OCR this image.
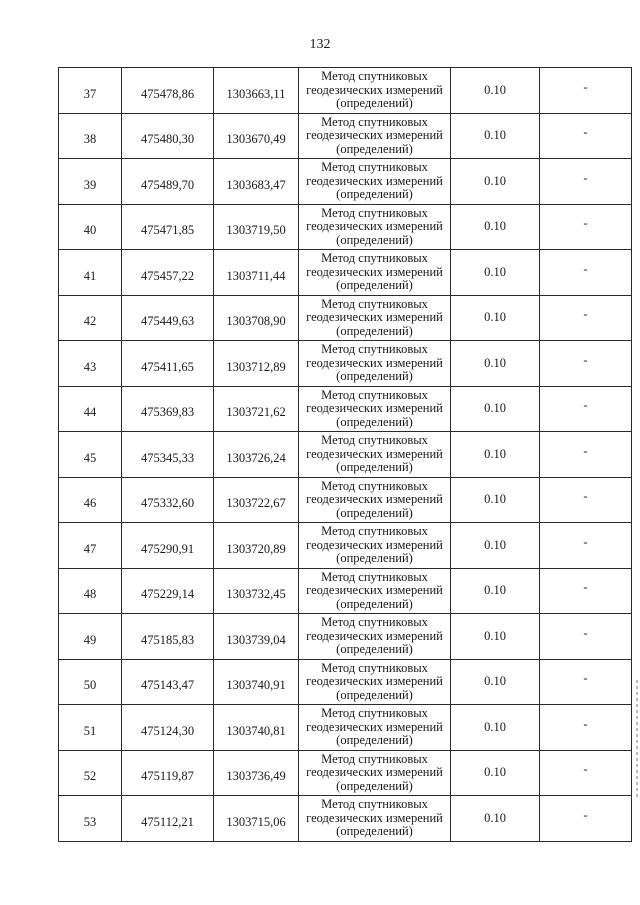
132
37	475478,86	1303663,11	Метод спутниковых
геодезических измерений
(определений)	0.10	-
38	475480,30	1303670,49	Метод спутниковых
геодезических измерений
(определений)	0.10	-
39	475489,70	1303683,47	Метод спутниковых
геодезических измерений
(определений)	0.10	-
40	475471,85	1303719,50	Метод спутниковых
геодезических измерений
(определений)	0.10	-
41	475457,22	1303711,44	Метод спутниковых
геодезических измерений
(определений)	0.10	-
42	475449,63	1303708,90	Метод спутниковых
геодезических измерений
(определений)	0.10	-
43	475411,65	1303712,89	Метод спутниковых
геодезических измерений
(определений)	0.10	-
44	475369,83	1303721,62	Метод спутниковых
геодезических измерений
(определений)	0.10	-
45	475345,33	1303726,24	Метод спутниковых
геодезических измерений
(определений)	0.10	-
46	475332,60	1303722,67	Метод спутниковых
геодезических измерений
(определений)	0.10	-
47	475290,91	1303720,89	Метод спутниковых
геодезических измерений
(определений)	0.10	-
48	475229,14	1303732,45	Метод спутниковых
геодезических измерений
(определений)	0.10	-
49	475185,83	1303739,04	Метод спутниковых
геодезических измерений
(определений)	0.10	-
50	475143,47	1303740,91	Метод спутниковых
геодезических измерений
(определений)	0.10	-
51	475124,30	1303740,81	Метод спутниковых
геодезических измерений
(определений)	0.10	-
52	475119,87	1303736,49	Метод спутниковых
геодезических измерений
(определений)	0.10	-
53	475112,21	1303715,06	Метод спутниковых
геодезических измерений
(определений)	0.10	-
